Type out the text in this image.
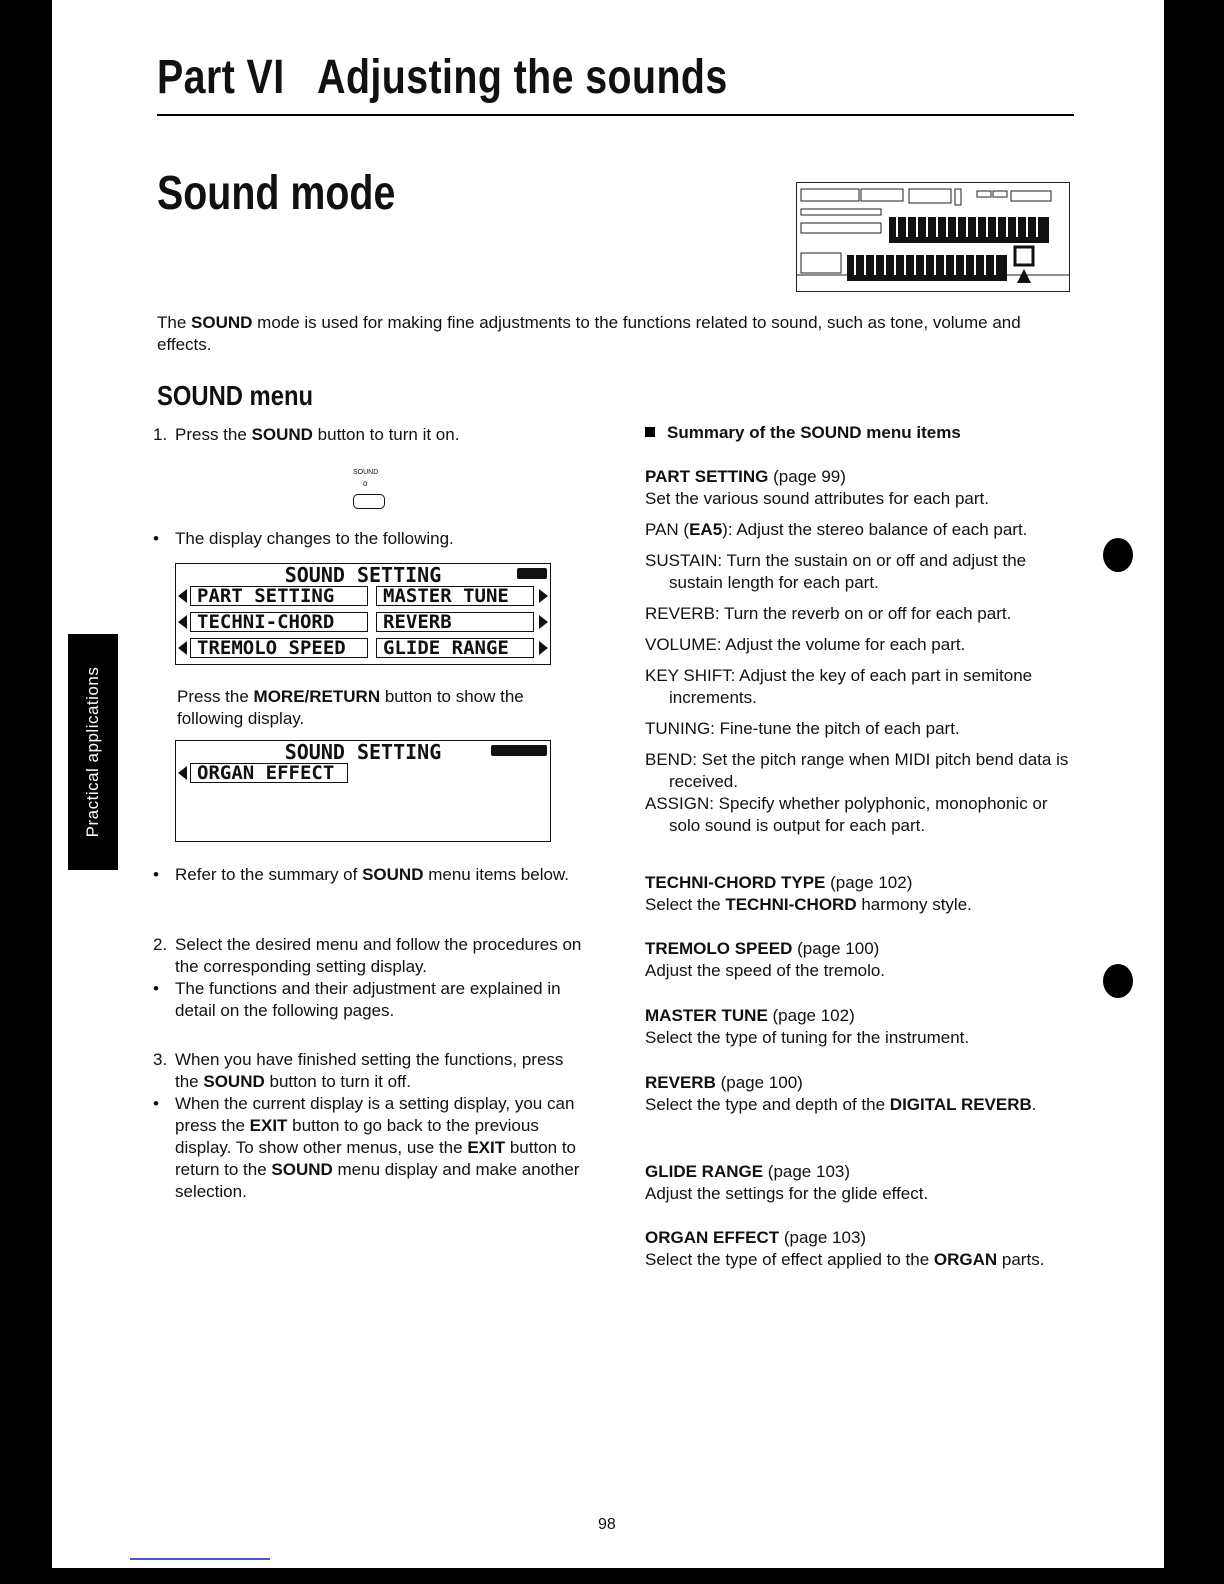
Practical applications
Part VI   Adjusting the sounds
Sound mode

The SOUND mode is used for making fine adjustments to the functions related to sound, such as tone, volume and effects.

SOUND menu

1. Press the SOUND button to turn it on.

SOUND
o

• The display changes to the following.

SOUND SETTING
PART SETTING	MASTER TUNE
TECHNI-CHORD	REVERB
TREMOLO SPEED	GLIDE RANGE

Press the MORE/RETURN button to show the following display.

SOUND SETTING
ORGAN EFFECT

• Refer to the summary of SOUND menu items below.

2. Select the desired menu and follow the procedures on the corresponding setting display.

• The functions and their adjustment are explained in detail on the following pages.

3. When you have finished setting the functions, press the SOUND button to turn it off.

• When the current display is a setting display, you can press the EXIT button to go back to the previous display. To show other menus, use the EXIT button to return to the SOUND menu display and make another selection.

Summary of the SOUND menu items

PART SETTING (page 99)

Set the various sound attributes for each part.

PAN (EA5): Adjust the stereo balance of each part.

SUSTAIN: Turn the sustain on or off and adjust the sustain length for each part.

REVERB: Turn the reverb on or off for each part.

VOLUME: Adjust the volume for each part.

KEY SHIFT: Adjust the key of each part in semitone increments.

TUNING: Fine-tune the pitch of each part.

BEND: Set the pitch range when MIDI pitch bend data is received.

ASSIGN: Specify whether polyphonic, monophonic or solo sound is output for each part.

TECHNI-CHORD TYPE (page 102)

Select the TECHNI-CHORD harmony style.

TREMOLO SPEED (page 100)

Adjust the speed of the tremolo.

MASTER TUNE (page 102)

Select the type of tuning for the instrument.

REVERB (page 100)

Select the type and depth of the DIGITAL REVERB.

GLIDE RANGE (page 103)

Adjust the settings for the glide effect.

ORGAN EFFECT (page 103)

Select the type of effect applied to the ORGAN parts.

98
